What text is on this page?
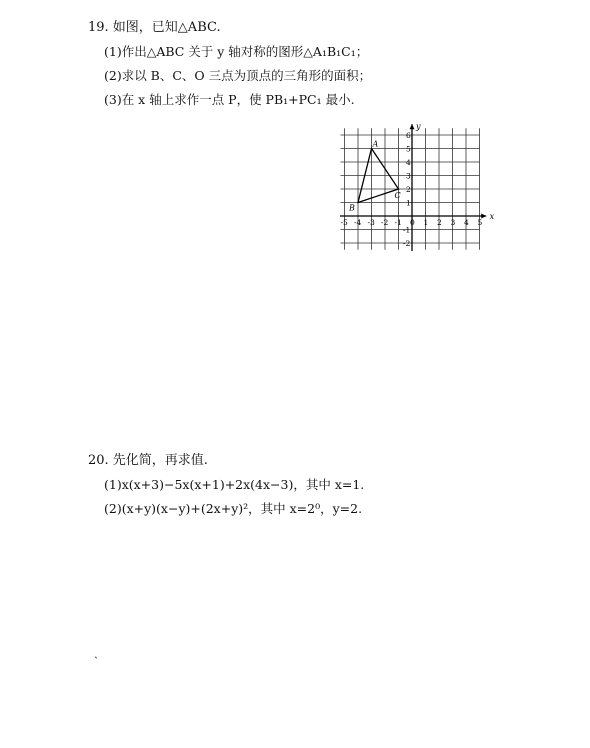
19. 如图，已知△ABC.
(1)作出△ABC 关于 y 轴对称的图形△A₁B₁C₁；
(2)求以 B、C、O 三点为顶点的三角形的面积；
(3)在 x 轴上求作一点 P，使 PB₁+PC₁ 最小.
x
y
A
B
C
-5 -4 -3 -2 -1 0 1 2 3 4 5
6
5
4
3
2
1
-1
-2
20. 先化简，再求值.
(1)x(x+3)−5x(x+1)+2x(4x−3)，其中 x=1.
(2)(x+y)(x−y)+(2x+y)²，其中 x=2⁰，y=2.
ˏ
